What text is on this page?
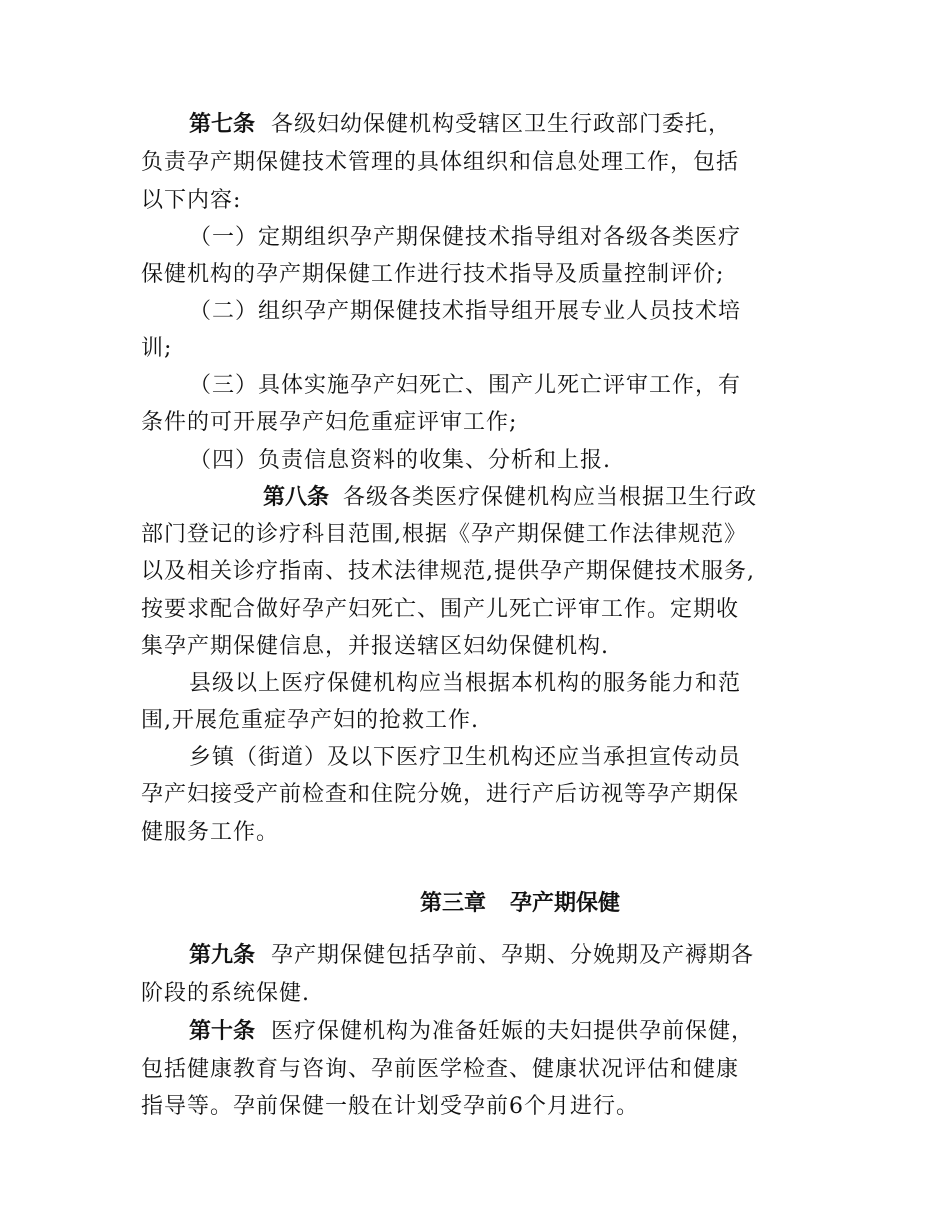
第七条 各级妇幼保健机构受辖区卫生行政部门委托，
负责孕产期保健技术管理的具体组织和信息处理工作，包括
以下内容:
（一）定期组织孕产期保健技术指导组对各级各类医疗
保健机构的孕产期保健工作进行技术指导及质量控制评价;
（二）组织孕产期保健技术指导组开展专业人员技术培
训;
（三）具体实施孕产妇死亡、围产儿死亡评审工作，有
条件的可开展孕产妇危重症评审工作;
（四）负责信息资料的收集、分析和上报.
第八条 各级各类医疗保健机构应当根据卫生行政
部门登记的诊疗科目范围,根据《孕产期保健工作法律规范》
以及相关诊疗指南、技术法律规范,提供孕产期保健技术服务,
按要求配合做好孕产妇死亡、围产儿死亡评审工作。定期收
集孕产期保健信息，并报送辖区妇幼保健机构.
县级以上医疗保健机构应当根据本机构的服务能力和范
围,开展危重症孕产妇的抢救工作.
乡镇（街道）及以下医疗卫生机构还应当承担宣传动员
孕产妇接受产前检查和住院分娩，进行产后访视等孕产期保
健服务工作。
第三章 孕产期保健
第九条 孕产期保健包括孕前、孕期、分娩期及产褥期各
阶段的系统保健.
第十条 医疗保健机构为准备妊娠的夫妇提供孕前保健，
包括健康教育与咨询、孕前医学检查、健康状况评估和健康
指导等。孕前保健一般在计划受孕前6个月进行。
